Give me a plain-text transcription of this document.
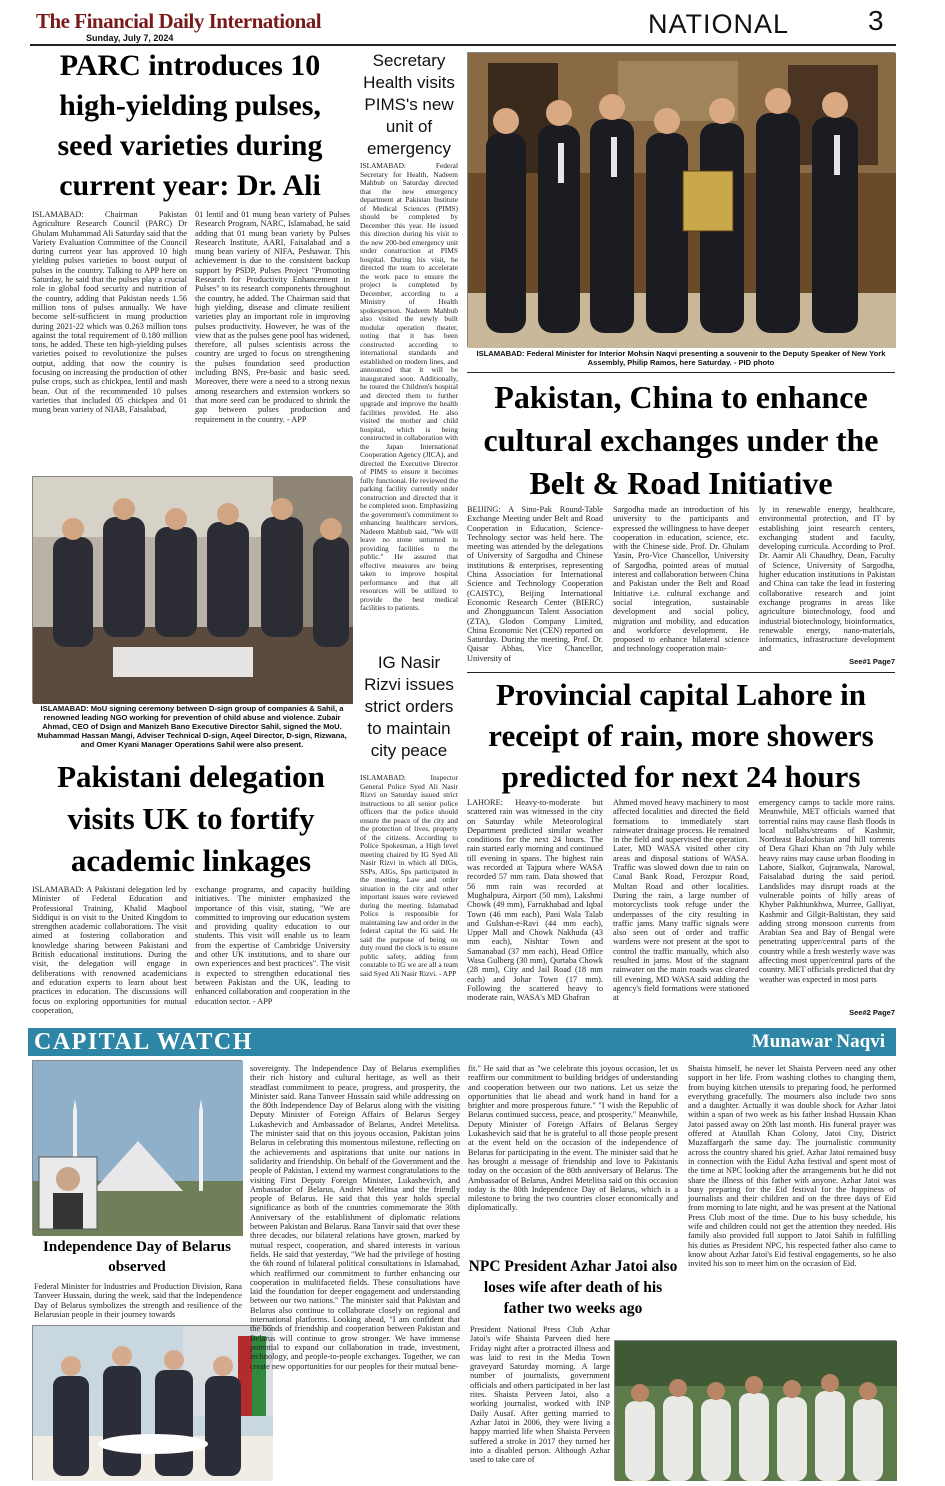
The Financial Daily International
Sunday, July 7, 2024	NATIONAL	3
PARC introduces 10 high-yielding pulses, seed varieties during current year: Dr. Ali
ISLAMABAD: Chairman Pakistan Agriculture Research Council (PARC) Dr Ghulam Muhammad Ali Saturday said that the Variety Evaluation Committee of the Council during current year has approved 10 high yielding pulses varieties to boost output of pulses in the country. Talking to APP here on Saturday, he said that the pulses play a crucial role in global food security and nutrition of the country, adding that Pakistan needs 1.56 million tons of pulses annually. We have become self-sufficient in mung production during 2021-22 which was 0.263 million tons against the total requirement of 0.180 million tons, he added. These ten high-yielding pulses varieties poised to revolutionize the pulses output, adding that now the country is focusing on increasing the production of other pulse crops, such as chickpea, lentil and mash bean. Out of the recommended 10 pulses varieties that included 05 chickpea and 01 mung bean variety of NIAB, Faisalabad,
01 lentil and 01 mung bean variety of Pulses Research Program, NARC, Islamabad, he said adding that 01 mung bean variety by Pulses Research Institute, AARI, Faisalabad and a mung bean variety of NIFA, Peshawar. This achievement is due to the consistent backup support by PSDP, Pulses Project "Promoting Research for Productivity Enhancement in Pulses" to its research components throughout the country, he added. The Chairman said that high yielding, disease and climate resilient varieties play an important role in improving pulses productivity. However, he was of the view that as the pulses gene pool has widened, therefore, all pulses scientists across the country are urged to focus on strengthening the pulses foundation seed production including BNS, Pre-basic and basic seed. Moreover, there were a need to a strong nexus among researchers and extension workers so that more seed can be produced to shrink the gap between pulses production and requirement in the country. - APP
Secretary Health visits PIMS's new unit of emergency
ISLAMABAD: Federal Secretary for Health, Nadeem Mahbub on Saturday directed that the new emergency department at Pakistan Institute of Medical Sciences (PIMS) should be completed by December this year. He issued this direction during his visit to the new 200-bed emergency unit under construction at PIMS hospital. During his visit, he directed the team to accelerate the work pace to ensure the project is completed by December, according to a Ministry of Health spokesperson. Nadeem Mahbub also visited the newly built modular operation theater, noting that it has been constructed according to international standards and established on modern lines, and announced that it will be inaugurated soon. Additionally, he toured the Children's hospital and directed them to further upgrade and improve the health facilities provided. He also visited the mother and child hospital, which is being constructed in collaboration with the Japan International Cooperation Agency (JICA), and directed the Executive Director of PIMS to ensure it becomes fully functional. He reviewed the parking facility currently under construction and directed that it be completed soon. Emphasizing the government's commitment to enhancing healthcare services, Nadeem Mahbub said, "We will leave no stone unturned in providing facilities to the public." He assured that effective measures are being taken to improve hospital performance and that all resources will be utilized to provide the best medical facilities to patients.
ISLAMABAD: Federal Minister for Interior Mohsin Naqvi presenting a souvenir to the Deputy Speaker of New York Assembly, Philip Ramos, here Saturday. - PID photo
ISLAMABAD: MoU signing ceremony between D-sign group of companies & Sahil, a renowned leading NGO working for prevention of child abuse and violence. Zubair Ahmad, CEO of Dsign and Manizeh Bano Executive Director Sahil, signed the MoU. Muhammad Hassan Mangi, Adviser Technical D-sign, Aqeel Director, D-sign, Rizwana, and Omer Kyani Manager Operations Sahil were also present.
Pakistan, China to enhance cultural exchanges under the Belt & Road Initiative
BEIJING: A Sino-Pak Round-Table Exchange Meeting under Belt and Road Cooperation in Education, Science-Technology sector was held here. The meeting was attended by the delegations of University of Sargodha and Chinese institutions & enterprises, representing China Association for International Science and Technology Cooperation (CAISTC), Beijing International Economic Research Center (BIERC) and Zhongguancun Talent Association (ZTA), Glodon Company Limited, China Economic Net (CEN) reported on Saturday. During the meeting, Prof. Dr. Qaisar Abbas, Vice Chancellor, University of
Sargodha made an introduction of his university to the participants and expressed the willingness to have deeper cooperation in education, science, etc. with the Chinese side. Prof. Dr. Ghulam Yasin, Pro-Vice Chancellor, University of Sargodha, pointed areas of mutual interest and collaboration between China and Pakistan under the Belt and Road Initiative i.e. cultural exchange and social integration, sustainable development and social policy, migration and mobility, and education and workforce development. He proposed to enhance bilateral science and technology cooperation main-
ly in renewable energy, healthcare, environmental protection, and IT by establishing joint research centers, exchanging student and faculty, developing curricula. According to Prof. Dr. Aamir Ali Chaudhry, Dean, Faculty of Science, University of Sargodha, higher education institutions in Pakistan and China can take the lead in fostering collaborative research and joint exchange programs in areas like agriculture biotechnology, food and industrial biotechnology, bioinformatics, renewable energy, nano-materials, informatics, infrastructure development and
See#1 Page7
IG Nasir Rizvi issues strict orders to maintain city peace
ISLAMABAD: Inspector General Police Syed Ali Nasir Rizvi on Saturday issued strict instructions to all senior police officers that the police should ensure the peace of the city and the protection of lives, property of the citizens. According to Police Spokesman, a High level meeting chaired by IG Syed Ali Nasir Rizvi in which all DIGs, SSPs, AIGs, Sps participated in the meeting. Law and order situation in the city and other important issues were reviewed during the meeting. Islamabad Police is responsible for maintaining law and order in the federal capital the IG said. He said the purpose of being on duty round the clock is to ensure public safety, adding from constable to IG we are all a team said Syed Ali Nasir Rizvi. - APP
Pakistani delegation visits UK to fortify academic linkages
ISLAMABAD: A Pakistani delegation led by Minister of Federal Education and Professional Training, Khalid Maqbool Siddiqui is on visit to the United Kingdom to strengthen academic collaborations. The visit aimed at fostering collaboration and knowledge sharing between Pakistani and British educational institutions. During the visit, the delegation will engage in deliberations with renowned academicians and education experts to learn about best practices in education. The discussions will focus on exploring opportunities for mutual cooperation,
exchange programs, and capacity building initiatives. The minister emphasized the importance of this visit, stating, "We are committed to improving our education system and providing quality education to our students. This visit will enable us to learn from the expertise of Cambridge University and other UK institutions, and to share our own experiences and best practices". The visit is expected to strengthen educational ties between Pakistan and the UK, leading to enhanced collaboration and cooperation in the education sector. - APP
Provincial capital Lahore in receipt of rain, more showers predicted for next 24 hours
LAHORE: Heavy-to-moderate but scattered rain was witnessed in the city on Saturday while Meteorological Department predicted similar weather conditions for the next 24 hours. The rain started early morning and continued till evening in spans. The highest rain was recorded at Tajpura where WASA recorded 57 mm rain. Data showed that 56 mm rain was recorded at Mughalpura, Airport (50 mm), Lakshmi Chowk (49 mm), Farrukhabad and Iqbal Town (46 mm each), Pani Wala Talab and Gulshan-e-Ravi (44 mm each), Upper Mall and Chowk Nakhuda (43 mm each), Nishtar Town and Samanabad (37 mm each), Head Office Wasa Gulberg (30 mm), Qurtaba Chowk (28 mm), City and Jail Road (18 mm each) and Johar Town (17 mm). Following the scattered heavy to moderate rain, WASA's MD Ghafran
Ahmed moved heavy machinery to most affected localities and directed the field formations to immediately start rainwater drainage process. He remained in the field and supervised the operation. Later, MD WASA visited other city areas and disposal stations of WASA. Traffic was slowed down due to rain on Canal Bank Road, Ferozpur Road, Multan Road and other localities. During the rain, a large number of motorcyclists took refuge under the underpasses of the city resulting in traffic jams. Many traffic signals were also seen out of order and traffic wardens were not present at the spot to control the traffic manually, which also resulted in jams. Most of the stagnant rainwater on the main roads was cleared till evening, MD WASA said adding the agency's field formations were stationed at
emergency camps to tackle more rains. Meanwhile, MET officials warned that torrential rains may cause flash floods in local nullahs/streams of Kashmir, Northeast Balochistan and hill torrents of Dera Ghazi Khan on 7th July while heavy rains may cause urban flooding in Lahore, Sialkot, Gujranwala, Narowal, Faisalabad during the said period. Landslides may disrupt roads at the vulnerable points of hilly areas of Khyber Pakhtunkhwa, Murree, Galliyat, Kashmir and Gilgit-Baltistan, they said adding strong monsoon currents from Arabian Sea and Bay of Bengal were penetrating upper/central parts of the country while a fresh westerly wave was affecting most upper/central parts of the country. MET officials predicted that dry weather was expected in most parts
See#2 Page7
CAPITAL WATCH	Munawar Naqvi
Independence Day of Belarus observed
Federal Minister for Industries and Production Division, Rana Tanveer Hussain, during the week, said that the Independence Day of Belarus symbolizes the strength and resilience of the Belarusian people in their journey towards
sovereignty. The Independence Day of Belarus exemplifies their rich history and cultural heritage, as well as their steadfast commitment to peace, progress, and prosperity, the Minister said. Rana Tanveer Hussain said while addressing on the 80th Independence Day of Belarus along with the visiting Deputy Minister of Foreign Affairs of Belarus Sergey Lukashevich and Ambassador of Belarus, Andrei Metelitsa. The minister said that on this joyous occasion, Pakistan joins Belarus in celebrating this momentous milestone, reflecting on the achievements and aspirations that unite our nations in solidarity and friendship. On behalf of the Government and the people of Pakistan, I extend my warmest congratulations to the visiting First Deputy Foreign Minister, Lukashevich, and Ambassador of Belarus, Andrei Metelitsa and the friendly people of Belarus. He said that this year holds special significance as both of the countries commemorate the 30th Anniversary of the establishment of diplomatic relations between Pakistan and Belarus. Rana Tanvir said that over these three decades, our bilateral relations have grown, marked by mutual respect, cooperation, and shared interests in various fields. He said that yesterday, "We had the privilege of hosting the 6th round of bilateral political consultations in Islamabad, which reaffirmed our commitment to further enhancing our cooperation in multifaceted fields. These consultations have laid the foundation for deeper engagement and understanding between our two nations." The minister said that Pakistan and Belarus also continue to collaborate closely on regional and international platforms. Looking ahead, "I am confident that the bonds of friendship and cooperation between Pakistan and Belarus will continue to grow stronger. We have immense potential to expand our collaboration in trade, investment, technology, and people-to-people exchanges. Together, we can create new opportunities for our peoples for their mutual bene-
fit." He said that as "we celebrate this joyous occasion, let us reaffirm our commitment to building bridges of understanding and cooperation between our two nations. Let us seize the opportunities that lie ahead and work hand in hand for a brighter and more prosperous future." "I wish the Republic of Belarus continued success, peace, and prosperity." Meanwhile, Deputy Minister of Foreign Affairs of Belarus Sergey Lukashevich said that he is grateful to all those people present at the event held on the occasion of the independence of Belarus for participating in the event. The minister said that he has brought a message of friendship and love to Pakistanis today on the occasion of the 80th anniversary of Belarus. The Ambassador of Belarus, Andrei Metelitsa said on this occasion today is the 80th Independence Day of Belarus, which is a milestone to bring the two countries closer economically and diplomatically.
NPC President Azhar Jatoi also loses wife after death of his father two weeks ago
President National Press Club Azhar Jatoi's wife Shaista Parveen died here Friday night after a protracted illness and was laid to rest in the Media Town graveyard Saturday morning. A large number of journalists, government officials and others participated in her last rites. Shaista Perveen Jatoi, also a working journalist, worked with INP Daily Ausaf. After getting married to Azhar Jatoi in 2006, they were living a happy married life when Shaista Perveen suffered a stroke in 2017 they turned her into a disabled person. Although Azhar used to take care of
Shaista himself, he never let Shaista Perveen need any other support in her life. From washing clothes to changing them, from buying kitchen utensils to preparing food, he performed everything gracefully. The mourners also include two sons and a daughter. Actually it was double shock for Azhar Jatoi within a span of two week as his father Inshad Hussain Khan Jatoi passed away on 20th last month. His funeral prayer was offered at Ataullah Khan Colony, Jatoi City, District Muzaffargarh the same day. The journalistic community across the country shared his grief. Azhar Jatoi remained busy in connection with the Eidul Azha festival and spent most of the time at NPC looking after the arrangements but he did not share the illness of this father with anyone. Azhar Jatoi was busy preparing for the Eid festival for the happiness of journalists and their children and on the three days of Eid from morning to late night, and he was present at the National Press Club most of the time. Due to his busy schedule, his wife and children could not get the attention they needed. His family also provided full support to Jatoi Sahib in fulfilling his duties as President NPC, his respected father also came to know about Azhar Jatoi's Eid festival engagements, so he also invited his son to meet him on the occasion of Eid.
